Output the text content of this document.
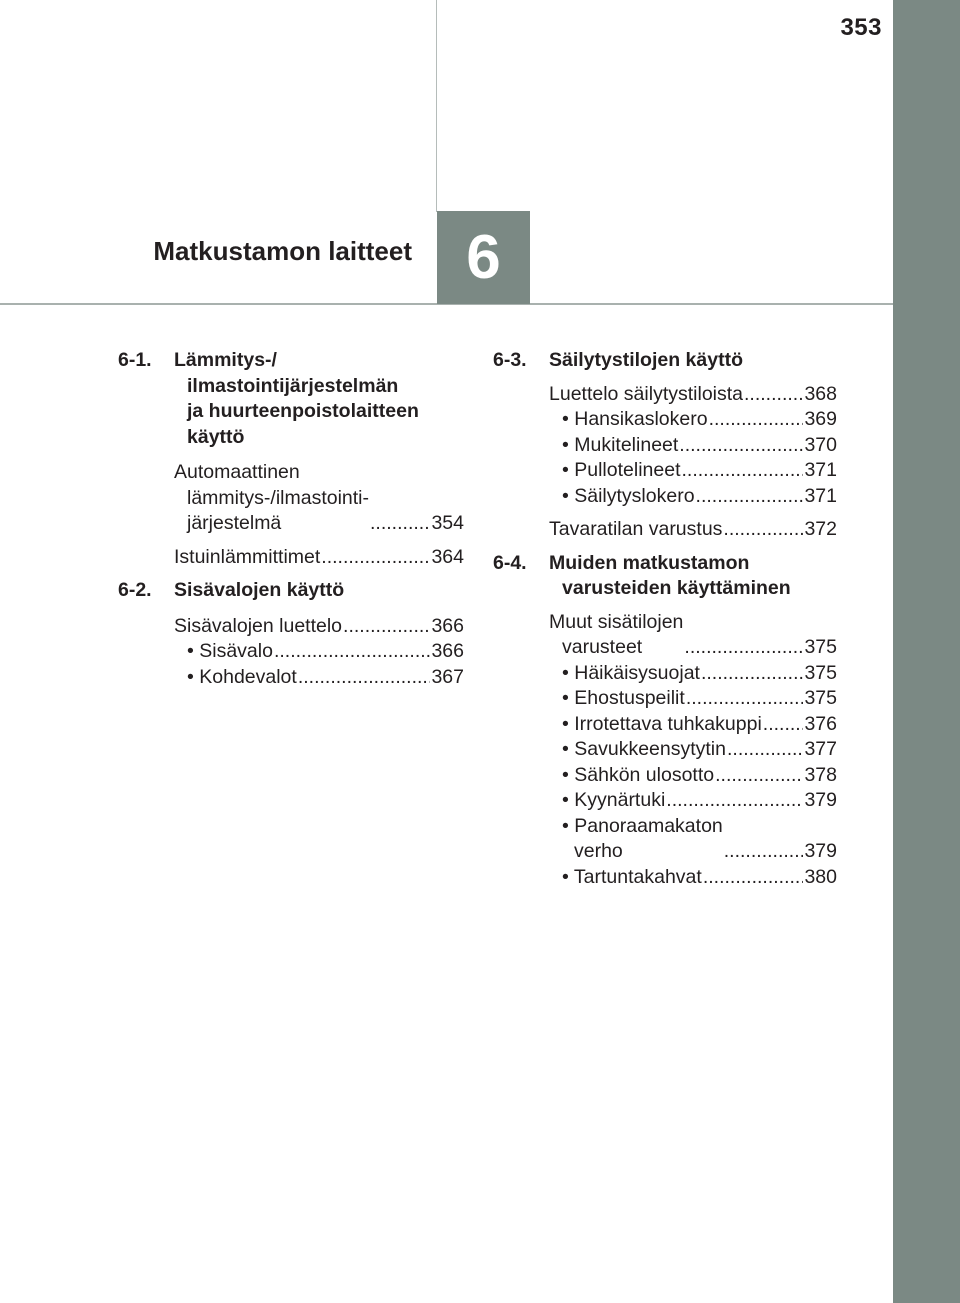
353
6
Matkustamon laitteet
6-1.	Lämmitys-/
ilmastointijärjestelmän
ja huurteenpoistolaitteen
käyttö
Automaattinen
lämmitys-/ilmastointi-
järjestelmä .....	354
Istuinlämmittimet .....	364
6-2.	Sisävalojen käyttö
Sisävalojen luettelo .....	366
• Sisävalo .....	366
• Kohdevalot .....	367
6-3.	Säilytystilojen käyttö
Luettelo säilytystiloista .....	368
• Hansikaslokero .....	369
• Mukitelineet .....	370
• Pullotelineet .....	371
• Säilytyslokero .....	371
Tavaratilan varustus .....	372
6-4.	Muiden matkustamon
varusteiden käyttäminen
Muut sisätilojen
varusteet .....	375
• Häikäisysuojat .....	375
• Ehostuspeilit .....	375
• Irrotettava tuhkakuppi ..... 376
• Savukkeensytytin .....	377
• Sähkön ulosotto .....	378
• Kyynärtuki .....	379
• Panoraamakaton
verho .....	379
• Tartuntakahvat .....	380
